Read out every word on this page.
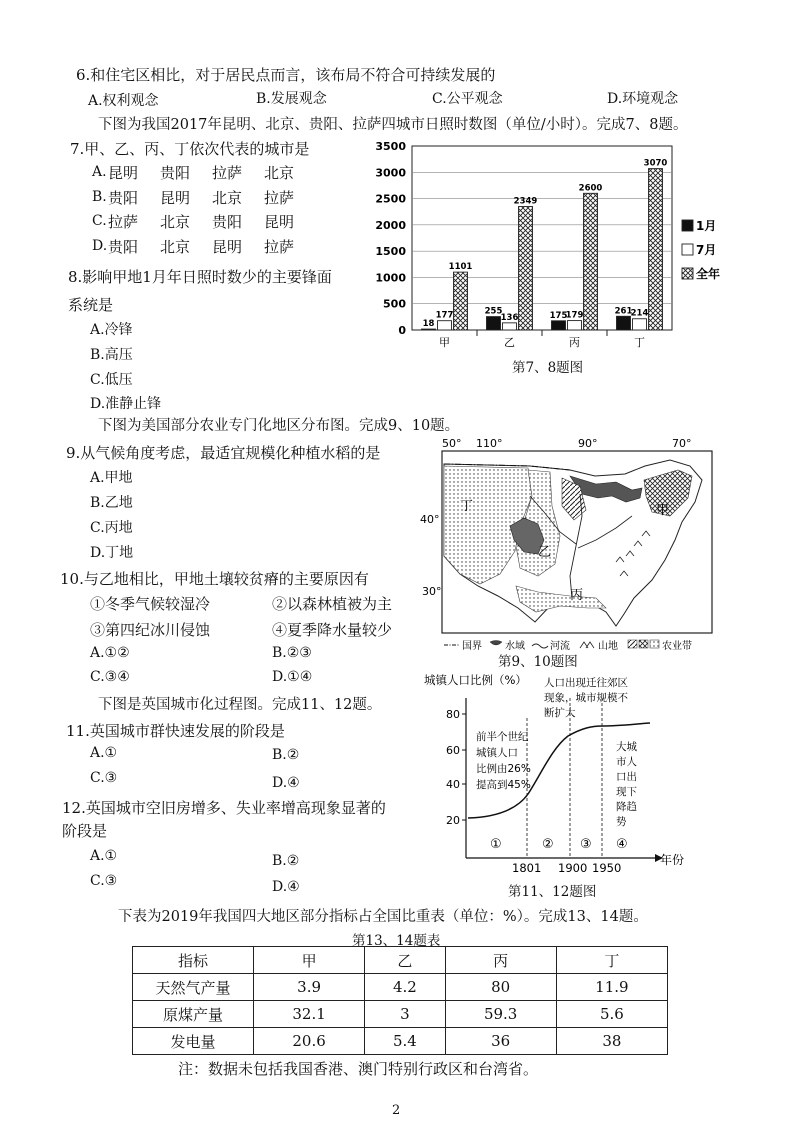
6.和住宅区相比，对于居民点而言，该布局不符合可持续发展的
A.权利观念	B.发展观念	C.公平观念	D.环境观念
下图为我国2017年昆明、北京、贵阳、拉萨四城市日照时数图（单位/小时）。完成7、8题。
7.甲、乙、丙、丁依次代表的城市是
A. 昆明 贵阳 拉萨 北京
B. 贵阳 昆明 北京 拉萨
C. 拉萨 北京 贵阳 昆明
D. 贵阳 北京 昆明 拉萨
8.影响甲地1月年日照时数少的主要锋面
系统是
A.冷锋
B.高压
C.低压
D.准静止锋
0
500
1000
1500
2000
2500
3000
3500
18
177
1101
甲
255
136
2349
乙
175
179
2600
丙
261
214
3070
丁
1月
7月
全年
第7、8题图
下图为美国部分农业专门化地区分布图。完成9、10题。
9.从气候角度考虑，最适宜规模化种植水稻的是
A.甲地
B.乙地
C.丙地
D.丁地
50° 110°	90°	70°
40°
30°
丁
乙
丙
甲
国界 水域	河流	山地	农业带
第9、10题图
10.与乙地相比，甲地土壤较贫瘠的主要原因有
①冬季气候较湿冷	②以森林植被为主
③第四纪冰川侵蚀	④夏季降水量较少
A.①②	B.②③
C.③④	D.①④
下图是英国城市化过程图。完成11、12题。
11.英国城市群快速发展的阶段是
A.①	B.②
C.③	D.④
12.英国城市空旧房增多、失业率增高现象显著的
阶段是
A.①	B.②
C.③	D.④
城镇人口比例（%）
80
60
40
20
1801 1900 1950
年份
①	② ③ ④
前半个世纪
城镇人口
比例由26%
提高到45%
人口出现迁往郊区
现象，城市规模不
断扩大
大城
市人
口出
现下
降趋
势
第11、12题图
下表为2019年我国四大地区部分指标占全国比重表（单位：%）。完成13、14题。
第13、14题表
指标	甲	乙	丙	丁
天然气产量	3.9	4.2	80	11.9
原煤产量	32.1	3	59.3	5.6
发电量	20.6	5.4	36	38
注：数据未包括我国香港、澳门特别行政区和台湾省。
2
